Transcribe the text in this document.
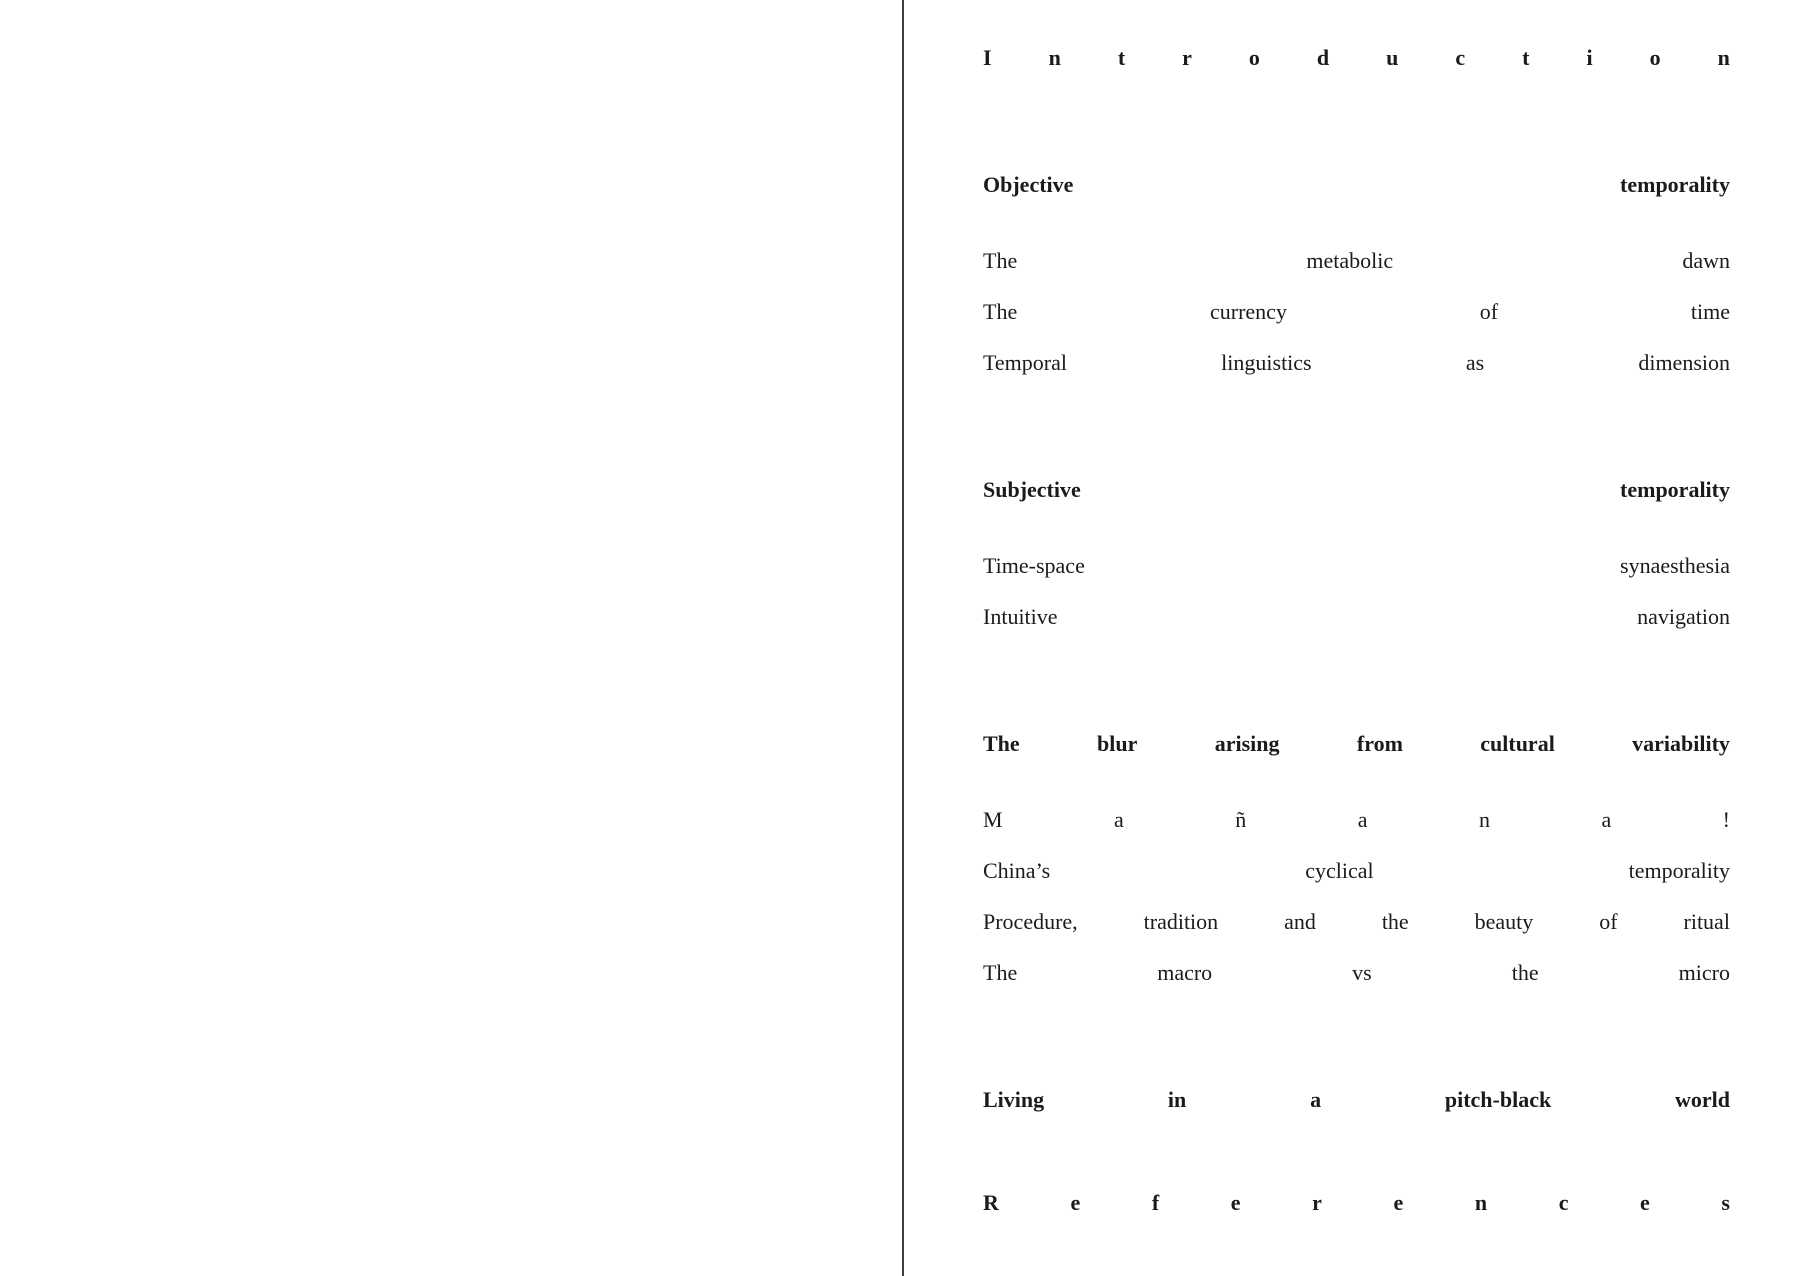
I	n	t	r	o	d	u	c	t	i	o	n
Objective	temporality
The	metabolic	dawn
The	currency	of	time
Temporal	linguistics	as	dimension
Subjective	temporality
Time-space	synaesthesia
Intuitive	navigation
The	blur	arising	from	cultural	variability
M	a	ñ	a	n	a	!
China’s	cyclical	temporality
Procedure,	tradition	and	the	beauty	of	ritual
The	macro	vs	the	micro
Living	in	a	pitch-black	world
R	e	f	e	r	e	n	c	e	s
